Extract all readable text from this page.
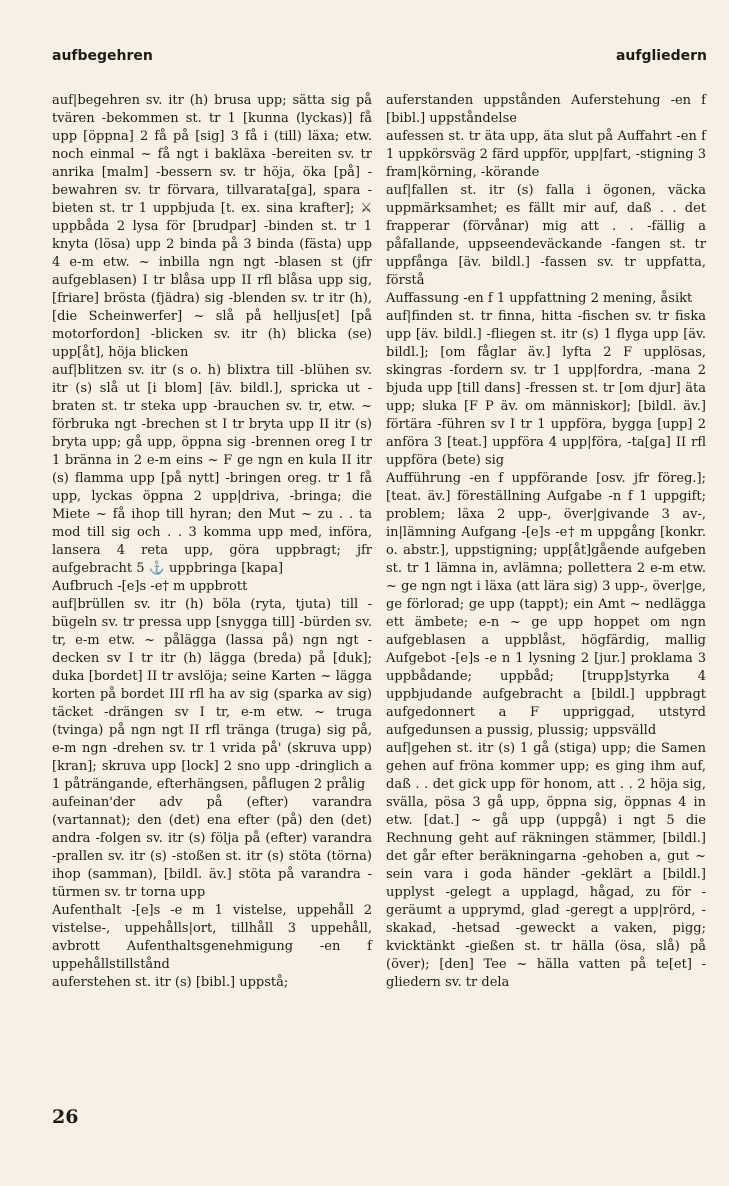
aufbegehren	aufgliedern

auf|begehren sv. itr (h) brusa upp; sätta sig på tvären -bekommen st. tr 1 [kunna (lyckas)] få upp [öppna] 2 få på [sig] 3 få i (till) läxa; etw. noch einmal ~ få ngt i bakläxa -bereiten sv. tr anrika [malm] -bessern sv. tr höja, öka [på] -bewahren sv. tr förvara, tillvarata[ga], spara -bieten st. tr 1 uppbjuda [t. ex. sina krafter]; ⚔ uppbåda 2 lysa för [brudpar] -binden st. tr 1 knyta (lösa) upp 2 binda på 3 binda (fästa) upp 4 e-m etw. ~ inbilla ngn ngt -blasen st (jfr aufgeblasen) I tr blåsa upp II rfl blåsa upp sig, [friare] brösta (fjädra) sig -blenden sv. tr itr (h), [die Scheinwerfer] ~ slå på helljus[et] [på motorfordon] -blicken sv. itr (h) blicka (se) upp[åt], höja blicken

auf|blitzen sv. itr (s o. h) blixtra till -blühen sv. itr (s) slå ut [i blom] [äv. bildl.], spricka ut -braten st. tr steka upp -brauchen sv. tr, etw. ~ förbruka ngt -brechen st I tr bryta upp II itr (s) bryta upp; gå upp, öppna sig -brennen oreg I tr 1 bränna in 2 e-m eins ~ F ge ngn en kula II itr (s) flamma upp [på nytt] -bringen oreg. tr 1 få upp, lyckas öppna 2 upp|driva, -bringa; die Miete ~ få ihop till hyran; den Mut ~ zu . . ta mod till sig och . . 3 komma upp med, införa, lansera 4 reta upp, göra uppbragt; jfr aufgebracht 5 ⚓ uppbringa [kapa]

Aufbruch -[e]s -e† m uppbrott

auf|brüllen sv. itr (h) böla (ryta, tjuta) till -bügeln sv. tr pressa upp [snygga till] -bürden sv. tr, e-m etw. ~ pålägga (lassa på) ngn ngt -decken sv I tr itr (h) lägga (breda) på [duk]; duka [bordet] II tr avslöja; seine Karten ~ lägga korten på bordet III rfl ha av sig (sparka av sig) täcket -drängen sv I tr, e-m etw. ~ truga (tvinga) på ngn ngt II rfl tränga (truga) sig på, e-m ngn -drehen sv. tr 1 vrida på' (skruva upp) [kran]; skruva upp [lock] 2 sno upp -dringlich a 1 påträngande, efterhängsen, påflugen 2 prålig

aufeinan'der adv på (efter) varandra (vartannat); den (det) ena efter (på) den (det) andra -folgen sv. itr (s) följa på (efter) varandra -prallen sv. itr (s) -stoßen st. itr (s) stöta (törna) ihop (samman), [bildl. äv.] stöta på varandra -türmen sv. tr torna upp

Aufenthalt -[e]s -e m 1 vistelse, uppehåll 2 vistelse-, uppehålls|ort, tillhåll 3 uppehåll, avbrott Aufenthaltsgenehmigung -en f uppehållstillstånd

auferstehen st. itr (s) [bibl.] uppstå;

auferstanden uppstånden Auferstehung -en f [bibl.] uppståndelse

aufessen st. tr äta upp, äta slut på Auffahrt -en f 1 uppkörsväg 2 färd uppför, upp|fart, -stigning 3 fram|körning, -körande

auf|fallen st. itr (s) falla i ögonen, väcka uppmärksamhet; es fällt mir auf, daß . . det frapperar (förvånar) mig att . . -fällig a påfallande, uppseendeväckande -fangen st. tr uppfånga [äv. bildl.] -fassen sv. tr uppfatta, förstå

Auffassung -en f 1 uppfattning 2 mening, åsikt

auf|finden st. tr finna, hitta -fischen sv. tr fiska upp [äv. bildl.] -fliegen st. itr (s) 1 flyga upp [äv. bildl.]; [om fåglar äv.] lyfta 2 F upplösas, skingras -fordern sv. tr 1 upp|fordra, -mana 2 bjuda upp [till dans] -fressen st. tr [om djur] äta upp; sluka [F P äv. om människor]; [bildl. äv.] förtära -führen sv I tr 1 uppföra, bygga [upp] 2 anföra 3 [teat.] uppföra 4 upp|föra, -ta[ga] II rfl uppföra (bete) sig

Aufführung -en f uppförande [osv. jfr föreg.]; [teat. äv.] föreställning Aufgabe -n f 1 uppgift; problem; läxa 2 upp-, över|givande 3 av-, in|lämning Aufgang -[e]s -e† m uppgång [konkr. o. abstr.], uppstigning; upp[åt]gående aufgeben st. tr 1 lämna in, avlämna; pollettera 2 e-m etw. ~ ge ngn ngt i läxa (att lära sig) 3 upp-, över|ge, ge förlorad; ge upp (tappt); ein Amt ~ nedlägga ett ämbete; e-n ~ ge upp hoppet om ngn aufgeblasen a uppblåst, högfärdig, mallig Aufgebot -[e]s -e n 1 lysning 2 [jur.] proklama 3 uppbådande; uppbåd; [trupp]styrka 4 uppbjudande aufgebracht a [bildl.] uppbragt aufgedonnert a F uppriggad, utstyrd aufgedunsen a pussig, plussig; uppsvälld

auf|gehen st. itr (s) 1 gå (stiga) upp; die Samen gehen auf fröna kommer upp; es ging ihm auf, daß . . det gick upp för honom, att . . 2 höja sig, svälla, pösa 3 gå upp, öppna sig, öppnas 4 in etw. [dat.] ~ gå upp (uppgå) i ngt 5 die Rechnung geht auf räkningen stämmer, [bildl.] det går efter beräkningarna -gehoben a, gut ~ sein vara i goda händer -geklärt a [bildl.] upplyst -gelegt a upplagd, hågad, zu för -geräumt a upprymd, glad -geregt a upp|rörd, -skakad, -hetsad -geweckt a vaken, pigg; kvicktänkt -gießen st. tr hälla (ösa, slå) på (över); [den] Tee ~ hälla vatten på te[et] -gliedern sv. tr dela

26
